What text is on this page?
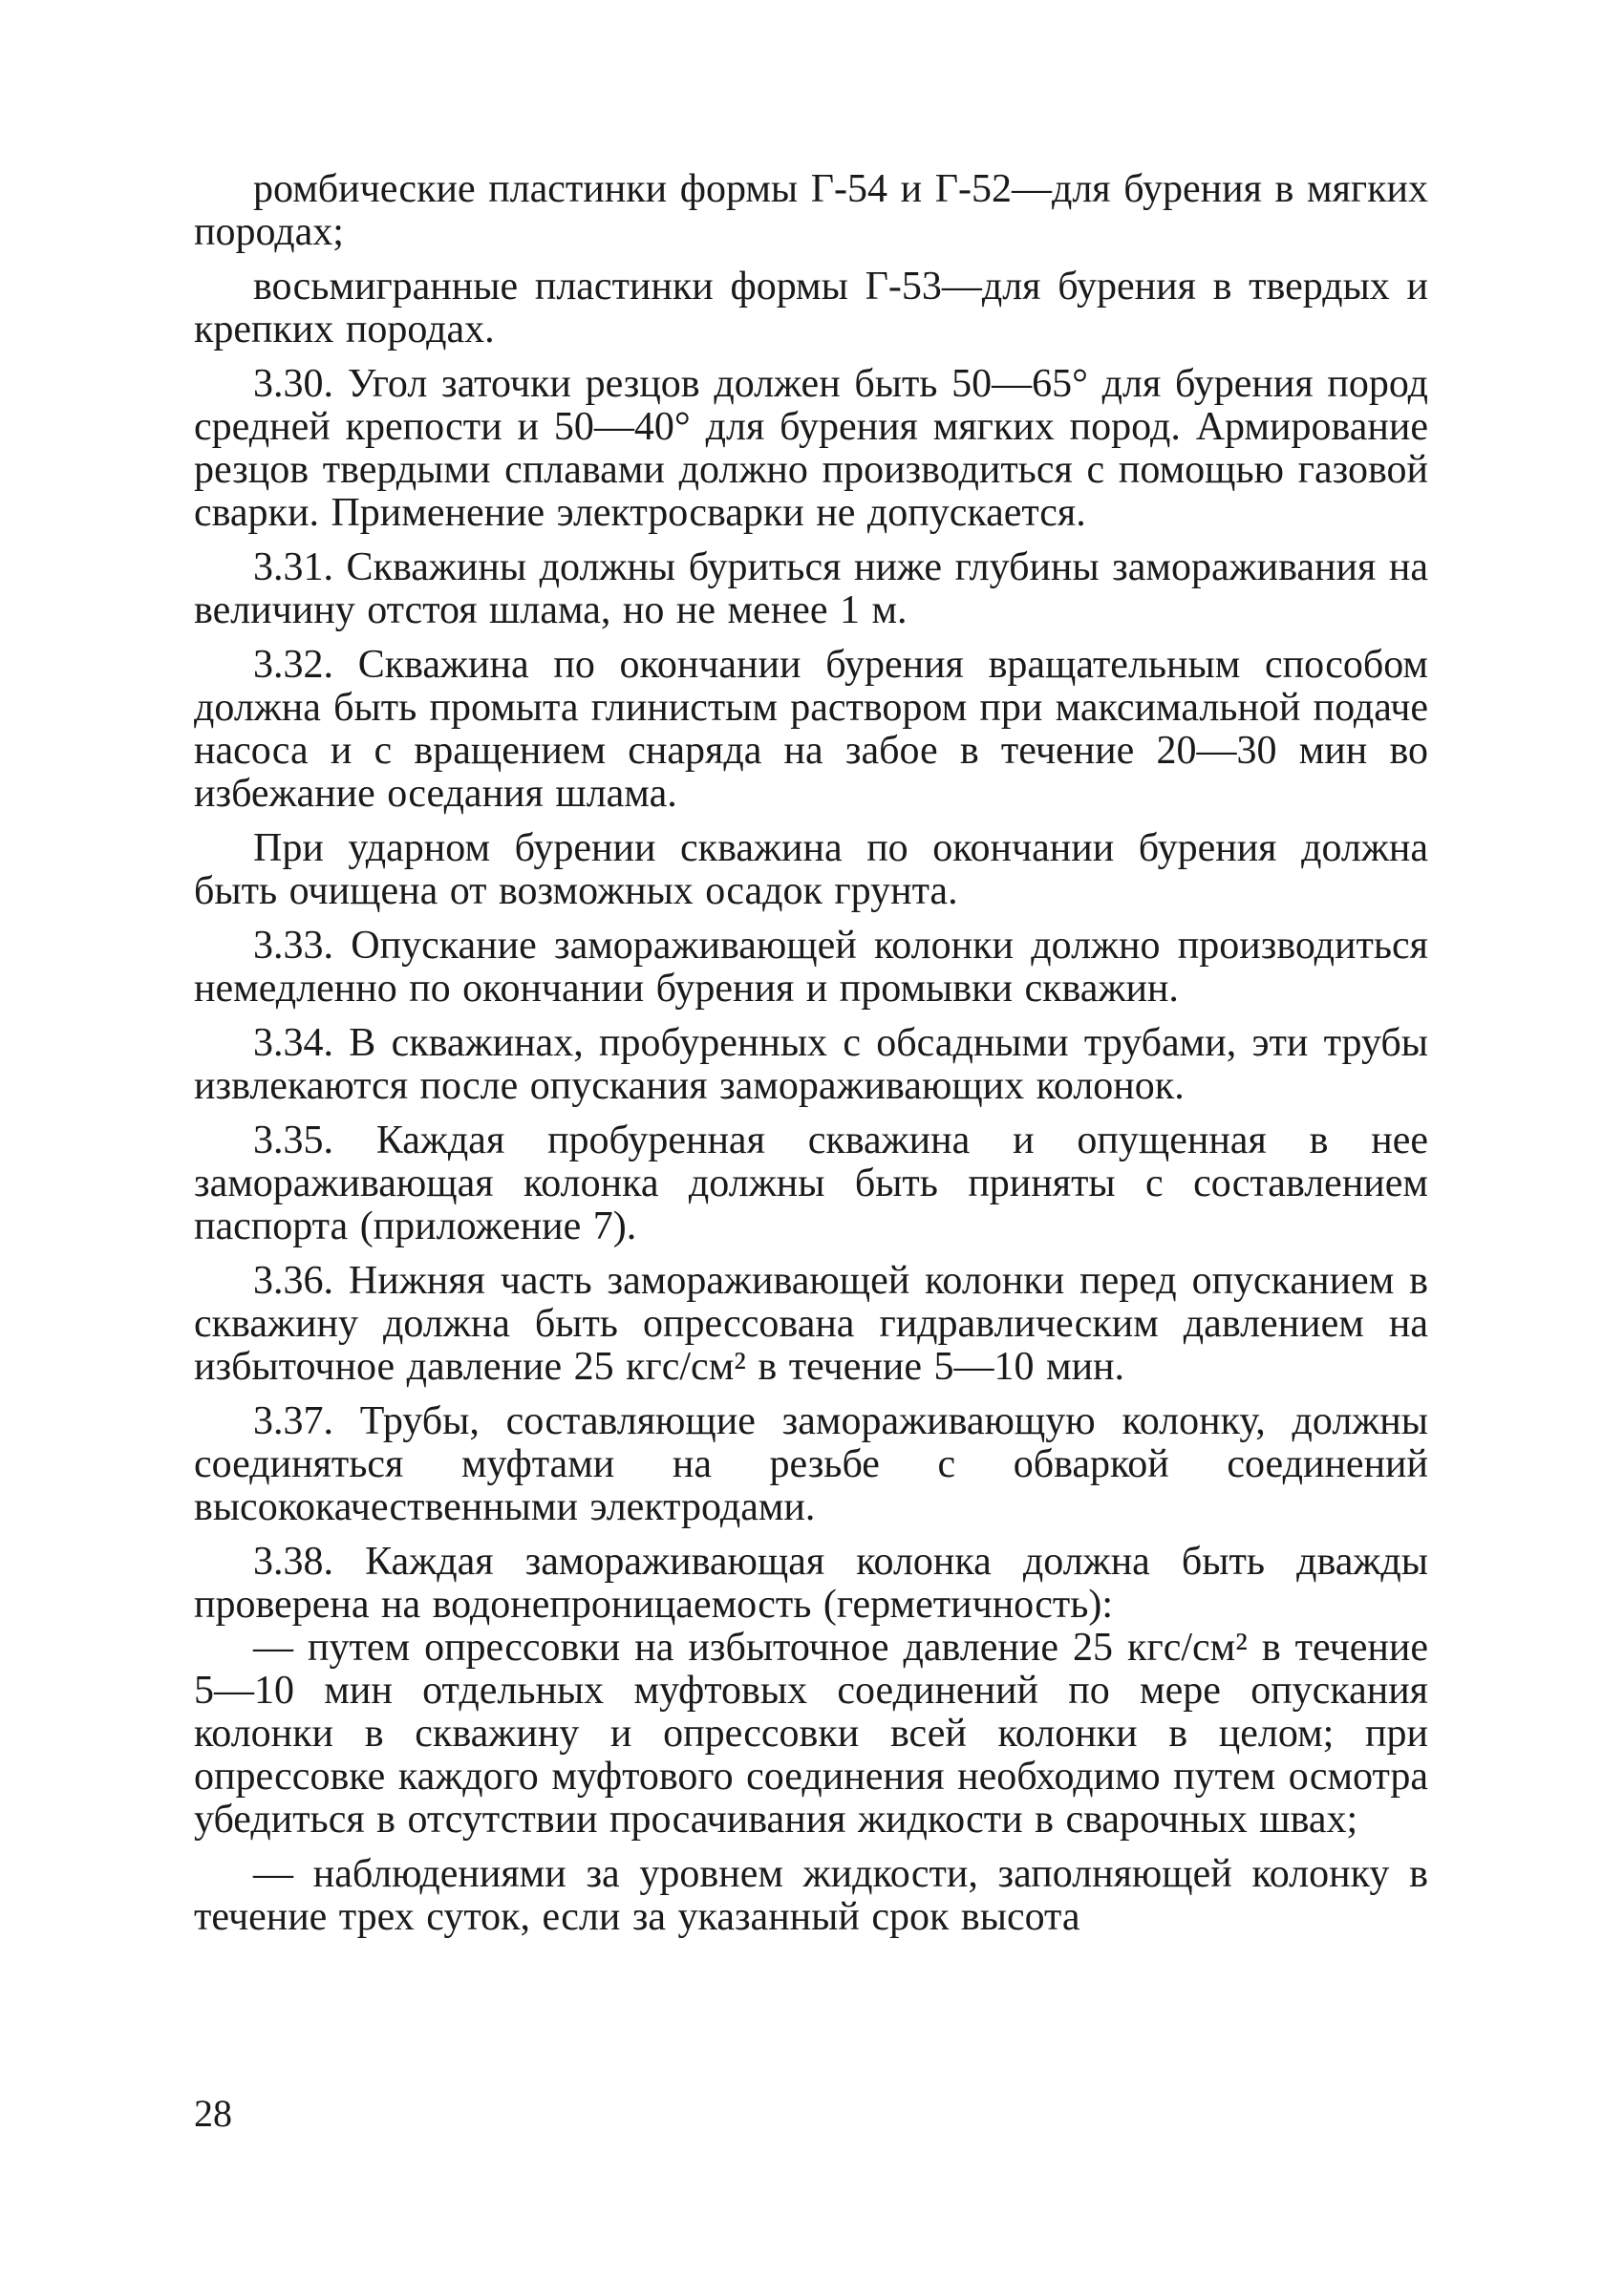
ромбические пластинки формы Г-54 и Г-52—для бурения в мягких породах;

восьмигранные пластинки формы Г-53—для бурения в твердых и крепких породах.

3.30. Угол заточки резцов должен быть 50—65° для бурения пород средней крепости и 50—40° для бурения мягких пород. Армирование резцов твердыми сплавами должно производиться с помощью газовой сварки. Применение электросварки не допускается.

3.31. Скважины должны буриться ниже глубины замораживания на величину отстоя шлама, но не менее 1 м.

3.32. Скважина по окончании бурения вращательным способом должна быть промыта глинистым раствором при максимальной подаче насоса и с вращением снаряда на забое в течение 20—30 мин во избежание оседания шлама.

При ударном бурении скважина по окончании бурения должна быть очищена от возможных осадок грунта.

3.33. Опускание замораживающей колонки должно производиться немедленно по окончании бурения и промывки скважин.

3.34. В скважинах, пробуренных с обсадными трубами, эти трубы извлекаются после опускания замораживающих колонок.

3.35. Каждая пробуренная скважина и опущенная в нее замораживающая колонка должны быть приняты с составлением паспорта (приложение 7).

3.36. Нижняя часть замораживающей колонки перед опусканием в скважину должна быть опрессована гидравлическим давлением на избыточное давление 25 кгс/см² в течение 5—10 мин.

3.37. Трубы, составляющие замораживающую колонку, должны соединяться муфтами на резьбе с обваркой соединений высококачественными электродами.

3.38. Каждая замораживающая колонка должна быть дважды проверена на водонепроницаемость (герметичность):

— путем опрессовки на избыточное давление 25 кгс/см² в течение 5—10 мин отдельных муфтовых соединений по мере опускания колонки в скважину и опрессовки всей колонки в целом; при опрессовке каждого муфтового соединения необходимо путем осмотра убедиться в отсутствии просачивания жидкости в сварочных швах;

— наблюдениями за уровнем жидкости, заполняющей колонку в течение трех суток, если за указанный срок высота

28
